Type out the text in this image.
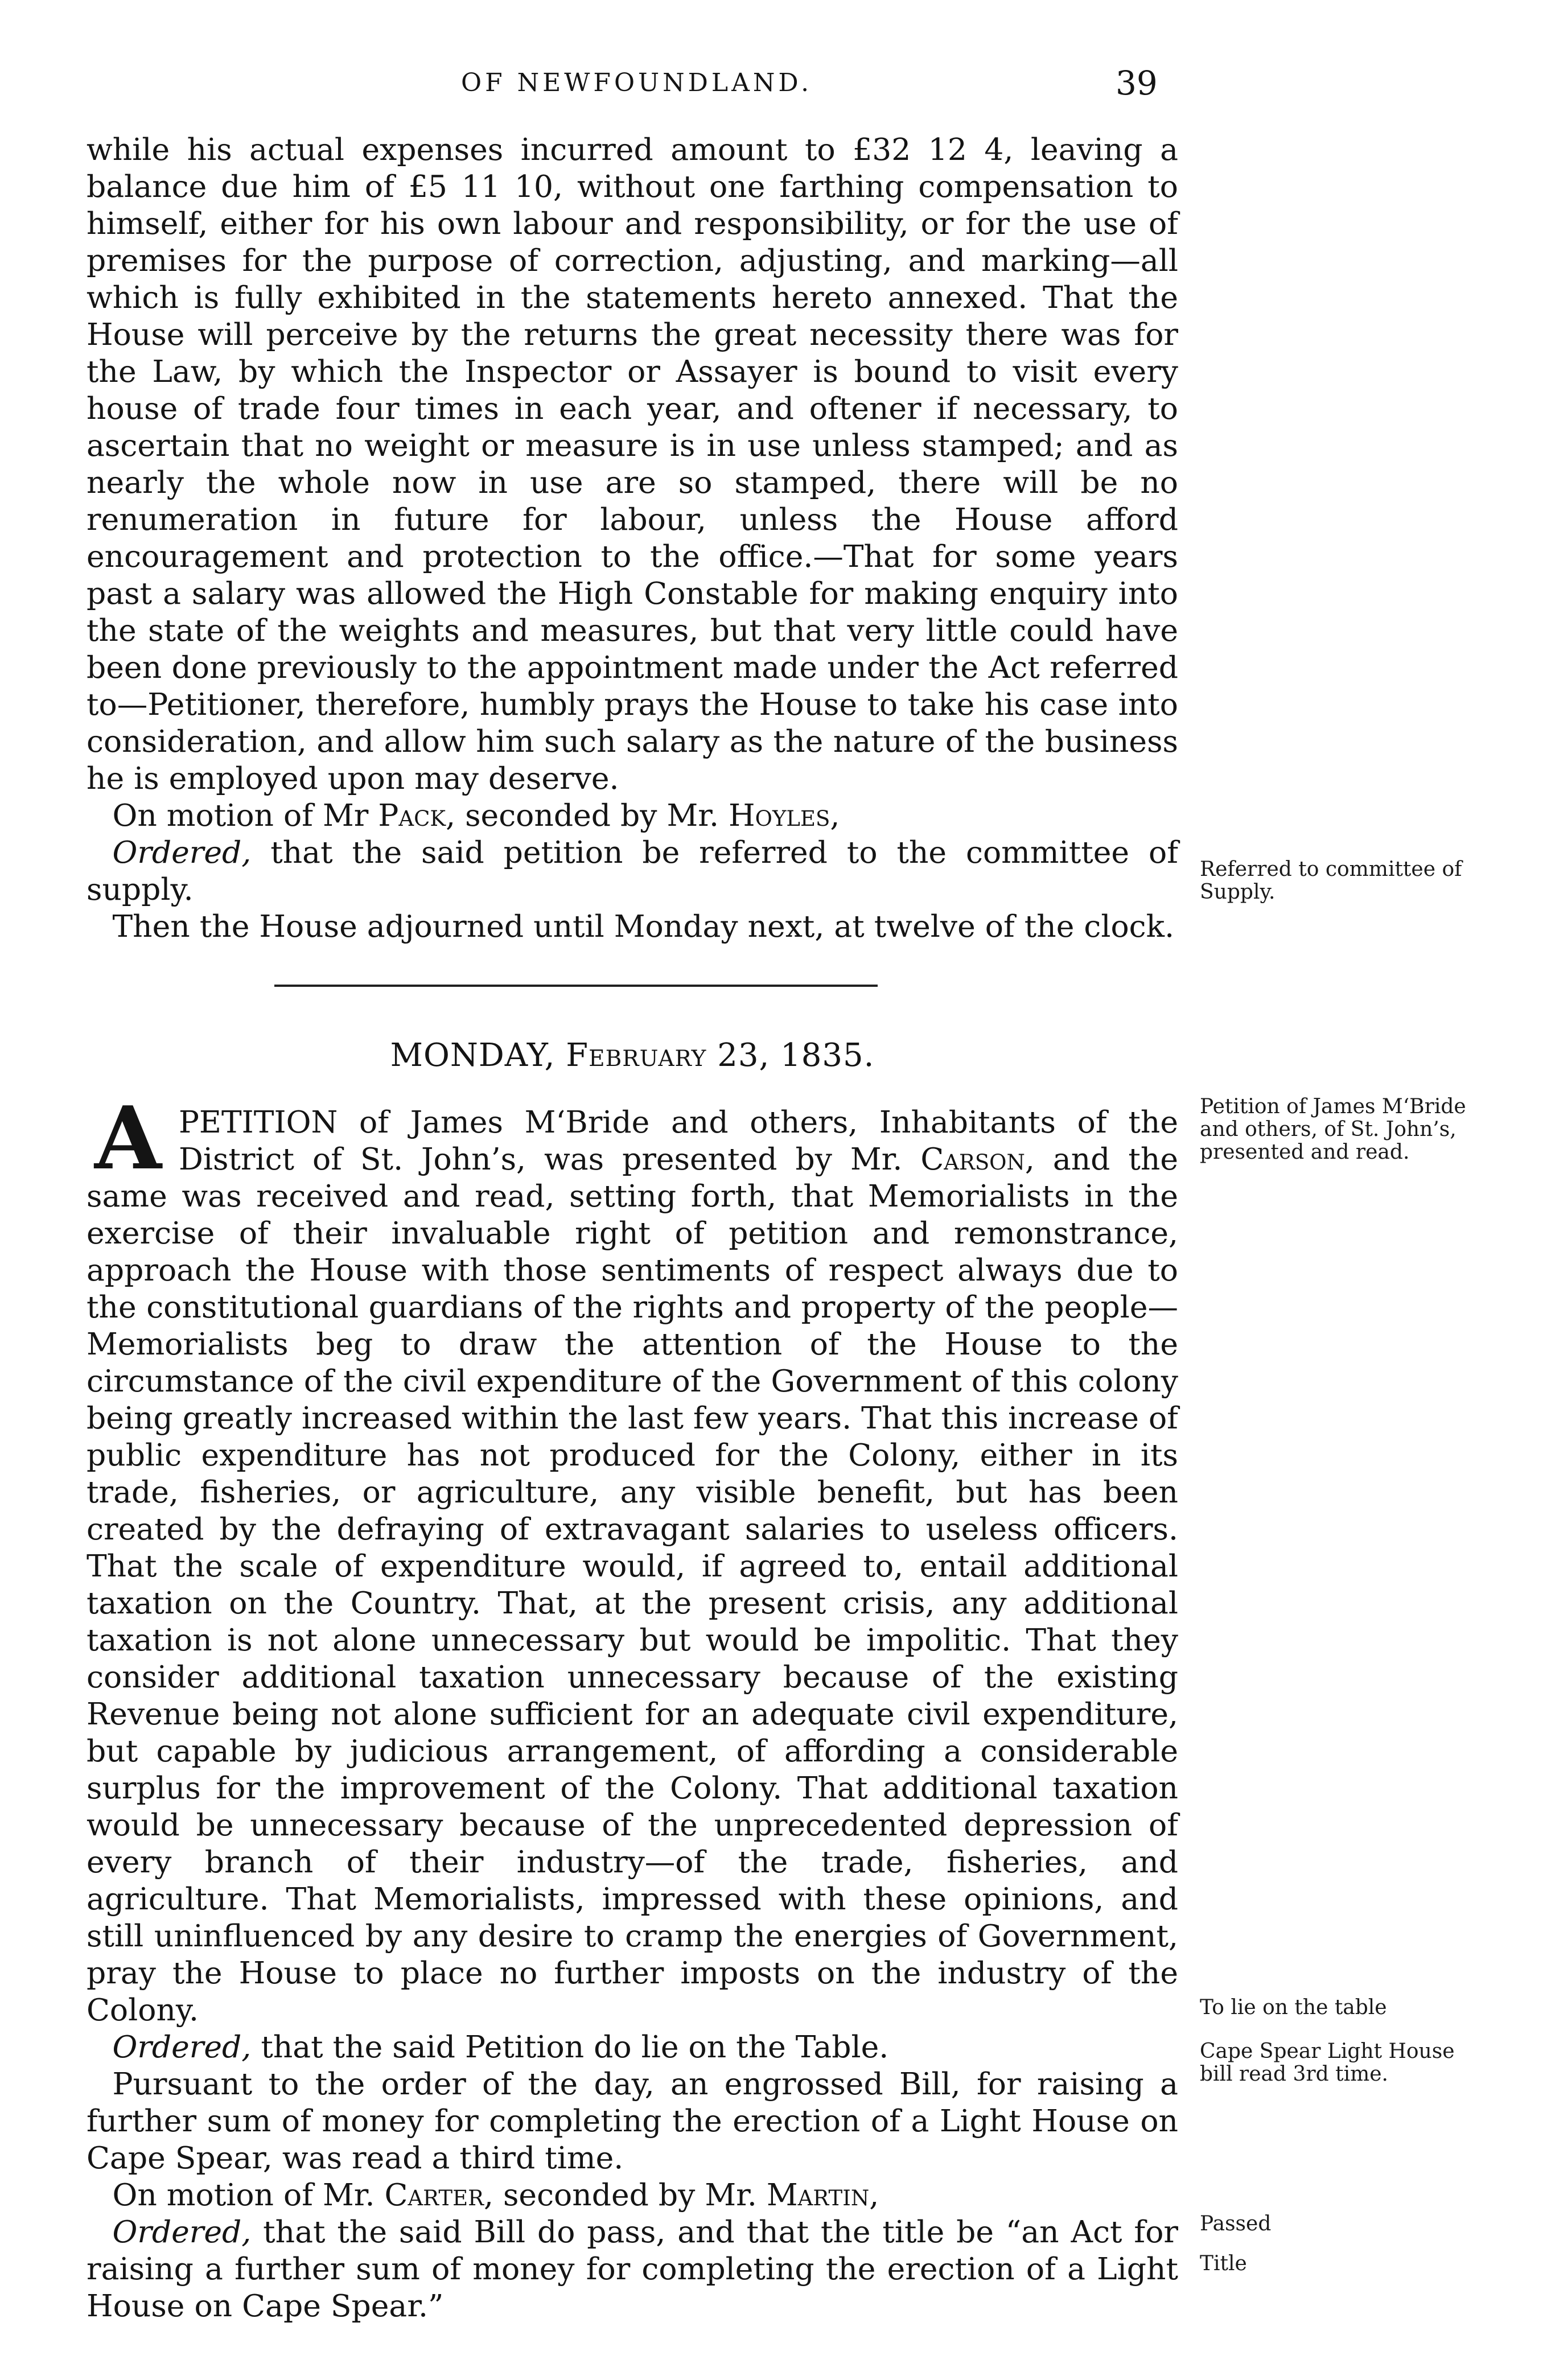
OF NEWFOUNDLAND.	39

while his actual expenses incurred amount to £32 12 4, leaving a balance due him of £5 11 10, without one farthing compensation to himself, either for his own labour and responsibility, or for the use of premises for the purpose of correction, adjusting, and marking—all which is fully exhibited in the statements hereto annexed. That the House will perceive by the returns the great necessity there was for the Law, by which the Inspector or Assayer is bound to visit every house of trade four times in each year, and oftener if necessary, to ascertain that no weight or measure is in use unless stamped; and as nearly the whole now in use are so stamped, there will be no renumeration in future for labour, unless the House afford encouragement and protection to the office.—That for some years past a salary was allowed the High Constable for making enquiry into the state of the weights and measures, but that very little could have been done previously to the appointment made under the Act referred to—Petitioner, therefore, humbly prays the House to take his case into consideration, and allow him such salary as the nature of the business he is employed upon may deserve.

On motion of Mr Pack, seconded by Mr. Hoyles,

Ordered, that the said petition be referred to the committee of supply.

Then the House adjourned until Monday next, at twelve of the clock.

MONDAY, February 23, 1835.

APETITION of James M‘Bride and others, Inhabitants of the District of St. John’s, was presented by Mr. Carson, and the same was received and read, setting forth, that Memorialists in the exercise of their invaluable right of petition and remonstrance, approach the House with those sentiments of respect always due to the constitutional guardians of the rights and property of the people—Memorialists beg to draw the attention of the House to the circumstance of the civil expenditure of the Government of this colony being greatly increased within the last few years. That this increase of public expenditure has not produced for the Colony, either in its trade, fisheries, or agriculture, any visible benefit, but has been created by the defraying of extravagant salaries to useless officers. That the scale of expenditure would, if agreed to, entail additional taxation on the Country. That, at the present crisis, any additional taxation is not alone unnecessary but would be impolitic. That they consider additional taxation unnecessary because of the existing Revenue being not alone sufficient for an adequate civil expenditure, but capable by judicious arrangement, of affording a considerable surplus for the improvement of the Colony. That additional taxation would be unnecessary because of the unprecedented depression of every branch of their industry—of the trade, fisheries, and agriculture. That Memorialists, impressed with these opinions, and still uninfluenced by any desire to cramp the energies of Government, pray the House to place no further imposts on the industry of the Colony.

Ordered, that the said Petition do lie on the Table.

Pursuant to the order of the day, an engrossed Bill, for raising a further sum of money for completing the erection of a Light House on Cape Spear, was read a third time.

On motion of Mr. Carter, seconded by Mr. Martin,

Ordered, that the said Bill do pass, and that the title be “an Act for raising a further sum of money for completing the erection of a Light House on Cape Spear.”

Referred to committee of Supply.
Petition of James M‘Bride and others, of St. John’s, presented and read.
To lie on the table
Cape Spear Light House bill read 3rd time.
Passed
Title
